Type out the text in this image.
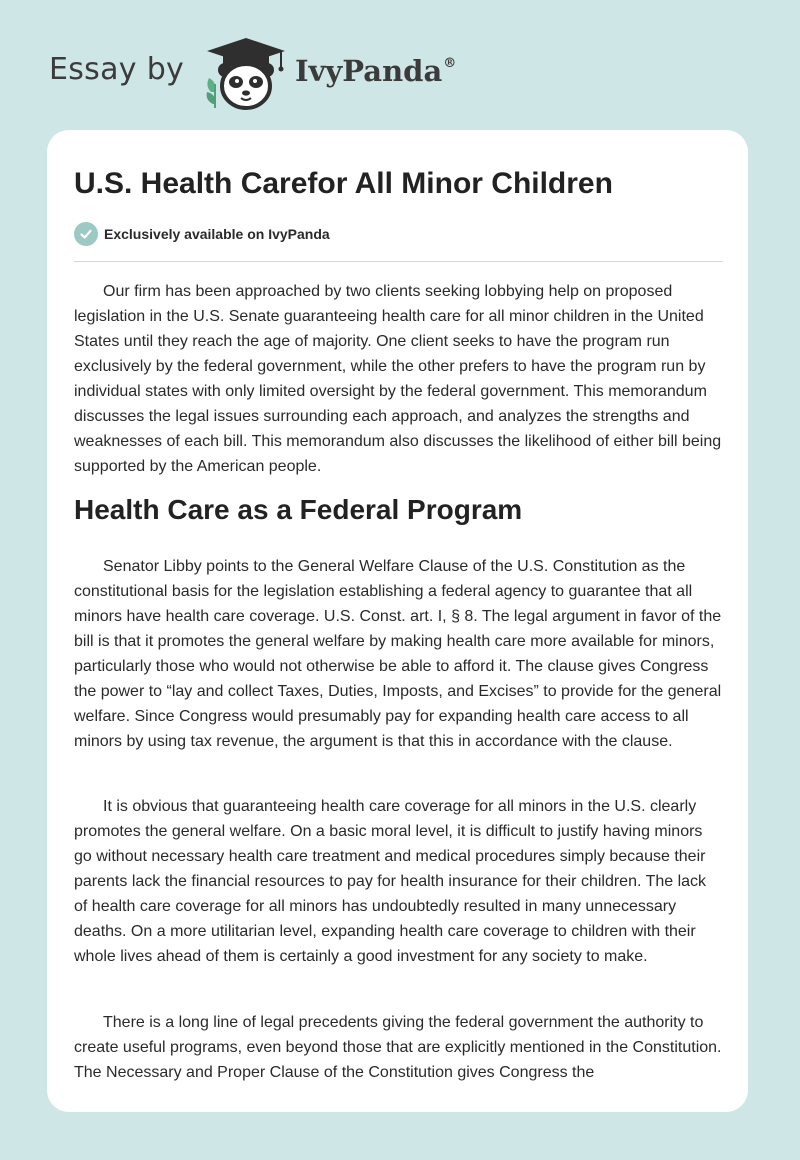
Essay by	IvyPanda®
U.S. Health Carefor All Minor Children
Exclusively available on IvyPanda

Our firm has been approached by two clients seeking lobbying help on proposed legislation in the U.S. Senate guaranteeing health care for all minor children in the United States until they reach the age of majority. One client seeks to have the program run exclusively by the federal government, while the other prefers to have the program run by individual states with only limited oversight by the federal government. This memorandum discusses the legal issues surrounding each approach, and analyzes the strengths and weaknesses of each bill. This memorandum also discusses the likelihood of either bill being supported by the American people.

Health Care as a Federal Program

Senator Libby points to the General Welfare Clause of the U.S. Constitution as the constitutional basis for the legislation establishing a federal agency to guarantee that all minors have health care coverage. U.S. Const. art. I, § 8. The legal argument in favor of the bill is that it promotes the general welfare by making health care more available for minors, particularly those who would not otherwise be able to afford it. The clause gives Congress the power to “lay and collect Taxes, Duties, Imposts, and Excises” to provide for the general welfare. Since Congress would presumably pay for expanding health care access to all minors by using tax revenue, the argument is that this in accordance with the clause.

It is obvious that guaranteeing health care coverage for all minors in the U.S. clearly promotes the general welfare. On a basic moral level, it is difficult to justify having minors go without necessary health care treatment and medical procedures simply because their parents lack the financial resources to pay for health insurance for their children. The lack of health care coverage for all minors has undoubtedly resulted in many unnecessary deaths. On a more utilitarian level, expanding health care coverage to children with their whole lives ahead of them is certainly a good investment for any society to make.

There is a long line of legal precedents giving the federal government the authority to create useful programs, even beyond those that are explicitly mentioned in the Constitution. The Necessary and Proper Clause of the Constitution gives Congress the
